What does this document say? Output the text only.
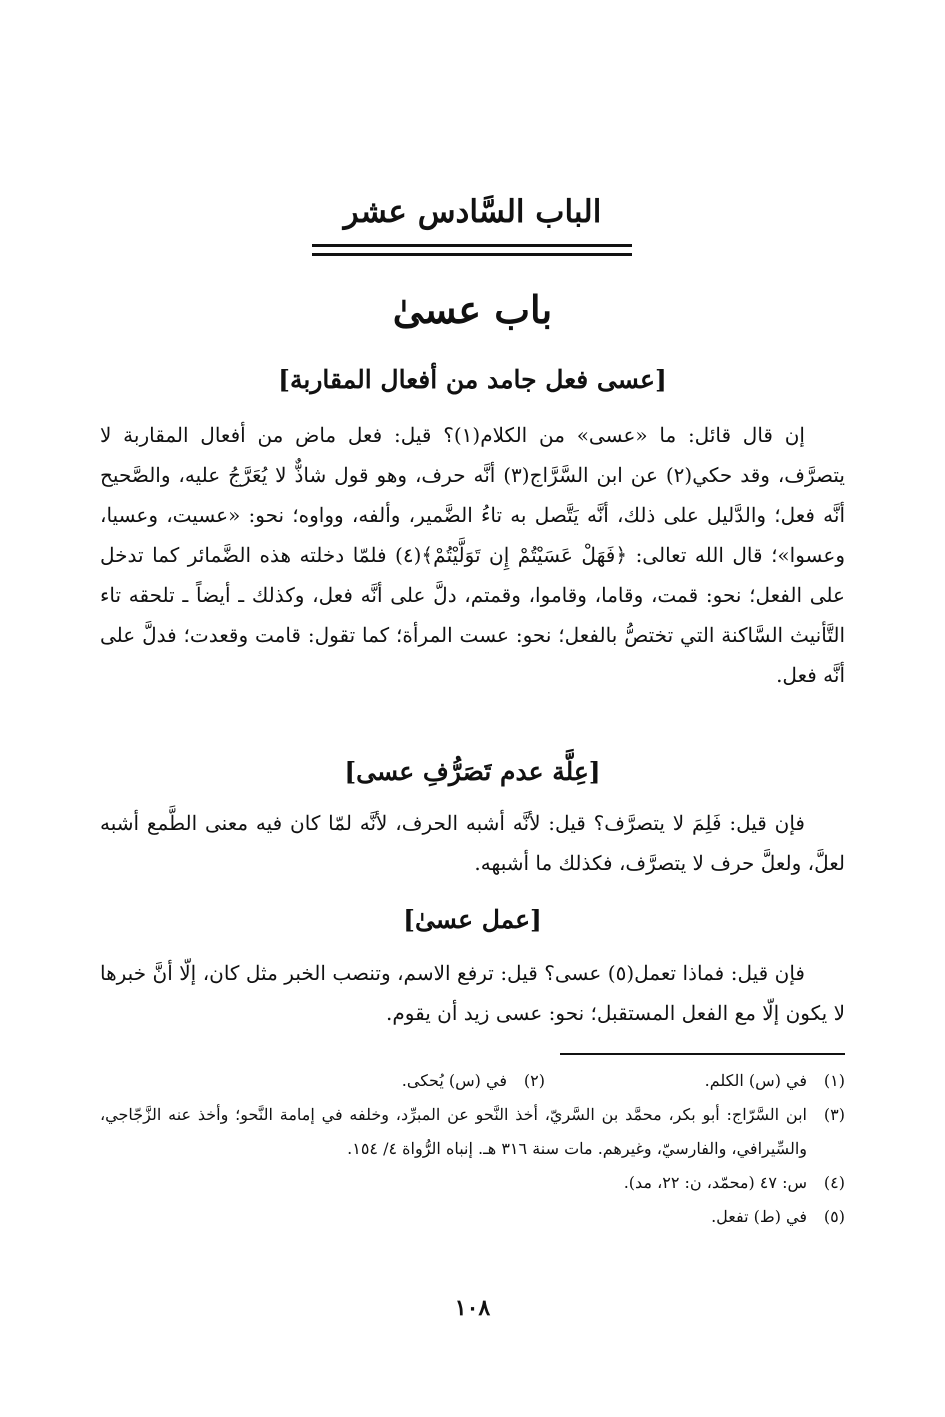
الباب السَّادس عشر
باب عسىٰ
[عسى فعل جامد من أفعال المقاربة]

إن قال قائل: ما «عسى» من الكلام(١)؟ قيل: فعل ماض من أفعال المقاربة لا يتصرَّف، وقد حكي(٢) عن ابن السَّرَّاج(٣) أنَّه حرف، وهو قول شاذٌّ لا يُعَرَّجُ عليه، والصَّحيح أنَّه فعل؛ والدَّليل على ذلك، أنَّه يَتَّصل به تاءُ الضَّمير، وألفه، وواوه؛ نحو: «عسيت، وعسيا، وعسوا»؛ قال الله تعالى: ﴿فَهَلْ عَسَيْتُمْ إِن تَوَلَّيْتُمْ﴾(٤) فلمّا دخلته هذه الضَّمائر كما تدخل على الفعل؛ نحو: قمت، وقاما، وقاموا، وقمتم، دلَّ على أنَّه فعل، وكذلك ـ أيضاً ـ تلحقه تاء التَّأنيث السَّاكنة التي تختصُّ بالفعل؛ نحو: عست المرأة؛ كما تقول: قامت وقعدت؛ فدلَّ على أنَّه فعل.

[عِلَّة عدم تَصَرُّفِ عسى]

فإن قيل: فَلِمَ لا يتصرَّف؟ قيل: لأنَّه أشبه الحرف، لأنَّه لمّا كان فيه معنى الطَّمع أشبه لعلَّ، ولعلَّ حرف لا يتصرَّف، فكذلك ما أشبهه.

[عمل عسىٰ]

فإن قيل: فماذا تعمل(٥) عسى؟ قيل: ترفع الاسم، وتنصب الخبر مثل كان، إلّا أنَّ خبرها لا يكون إلّا مع الفعل المستقبل؛ نحو: عسى زيد أن يقوم.

(١)
في (س) الكلم.
(٢)
في (س) يُحكى.
(٣)
ابن السَّرّاج: أبو بكر، محمَّد بن السَّريّ، أخذ النَّحو عن المبرِّد، وخلفه في إمامة النَّحو؛ وأخذ عنه الزَّجّاجي، والسِّيرافي، والفارسيّ، وغيرهم. مات سنة ٣١٦ هـ. إنباه الرُّواة ٤/ ١٥٤.
(٤)
س: ٤٧ (محمّد، ن: ٢٢، مد).
(٥)
في (ط) تفعل.
١٠٨
